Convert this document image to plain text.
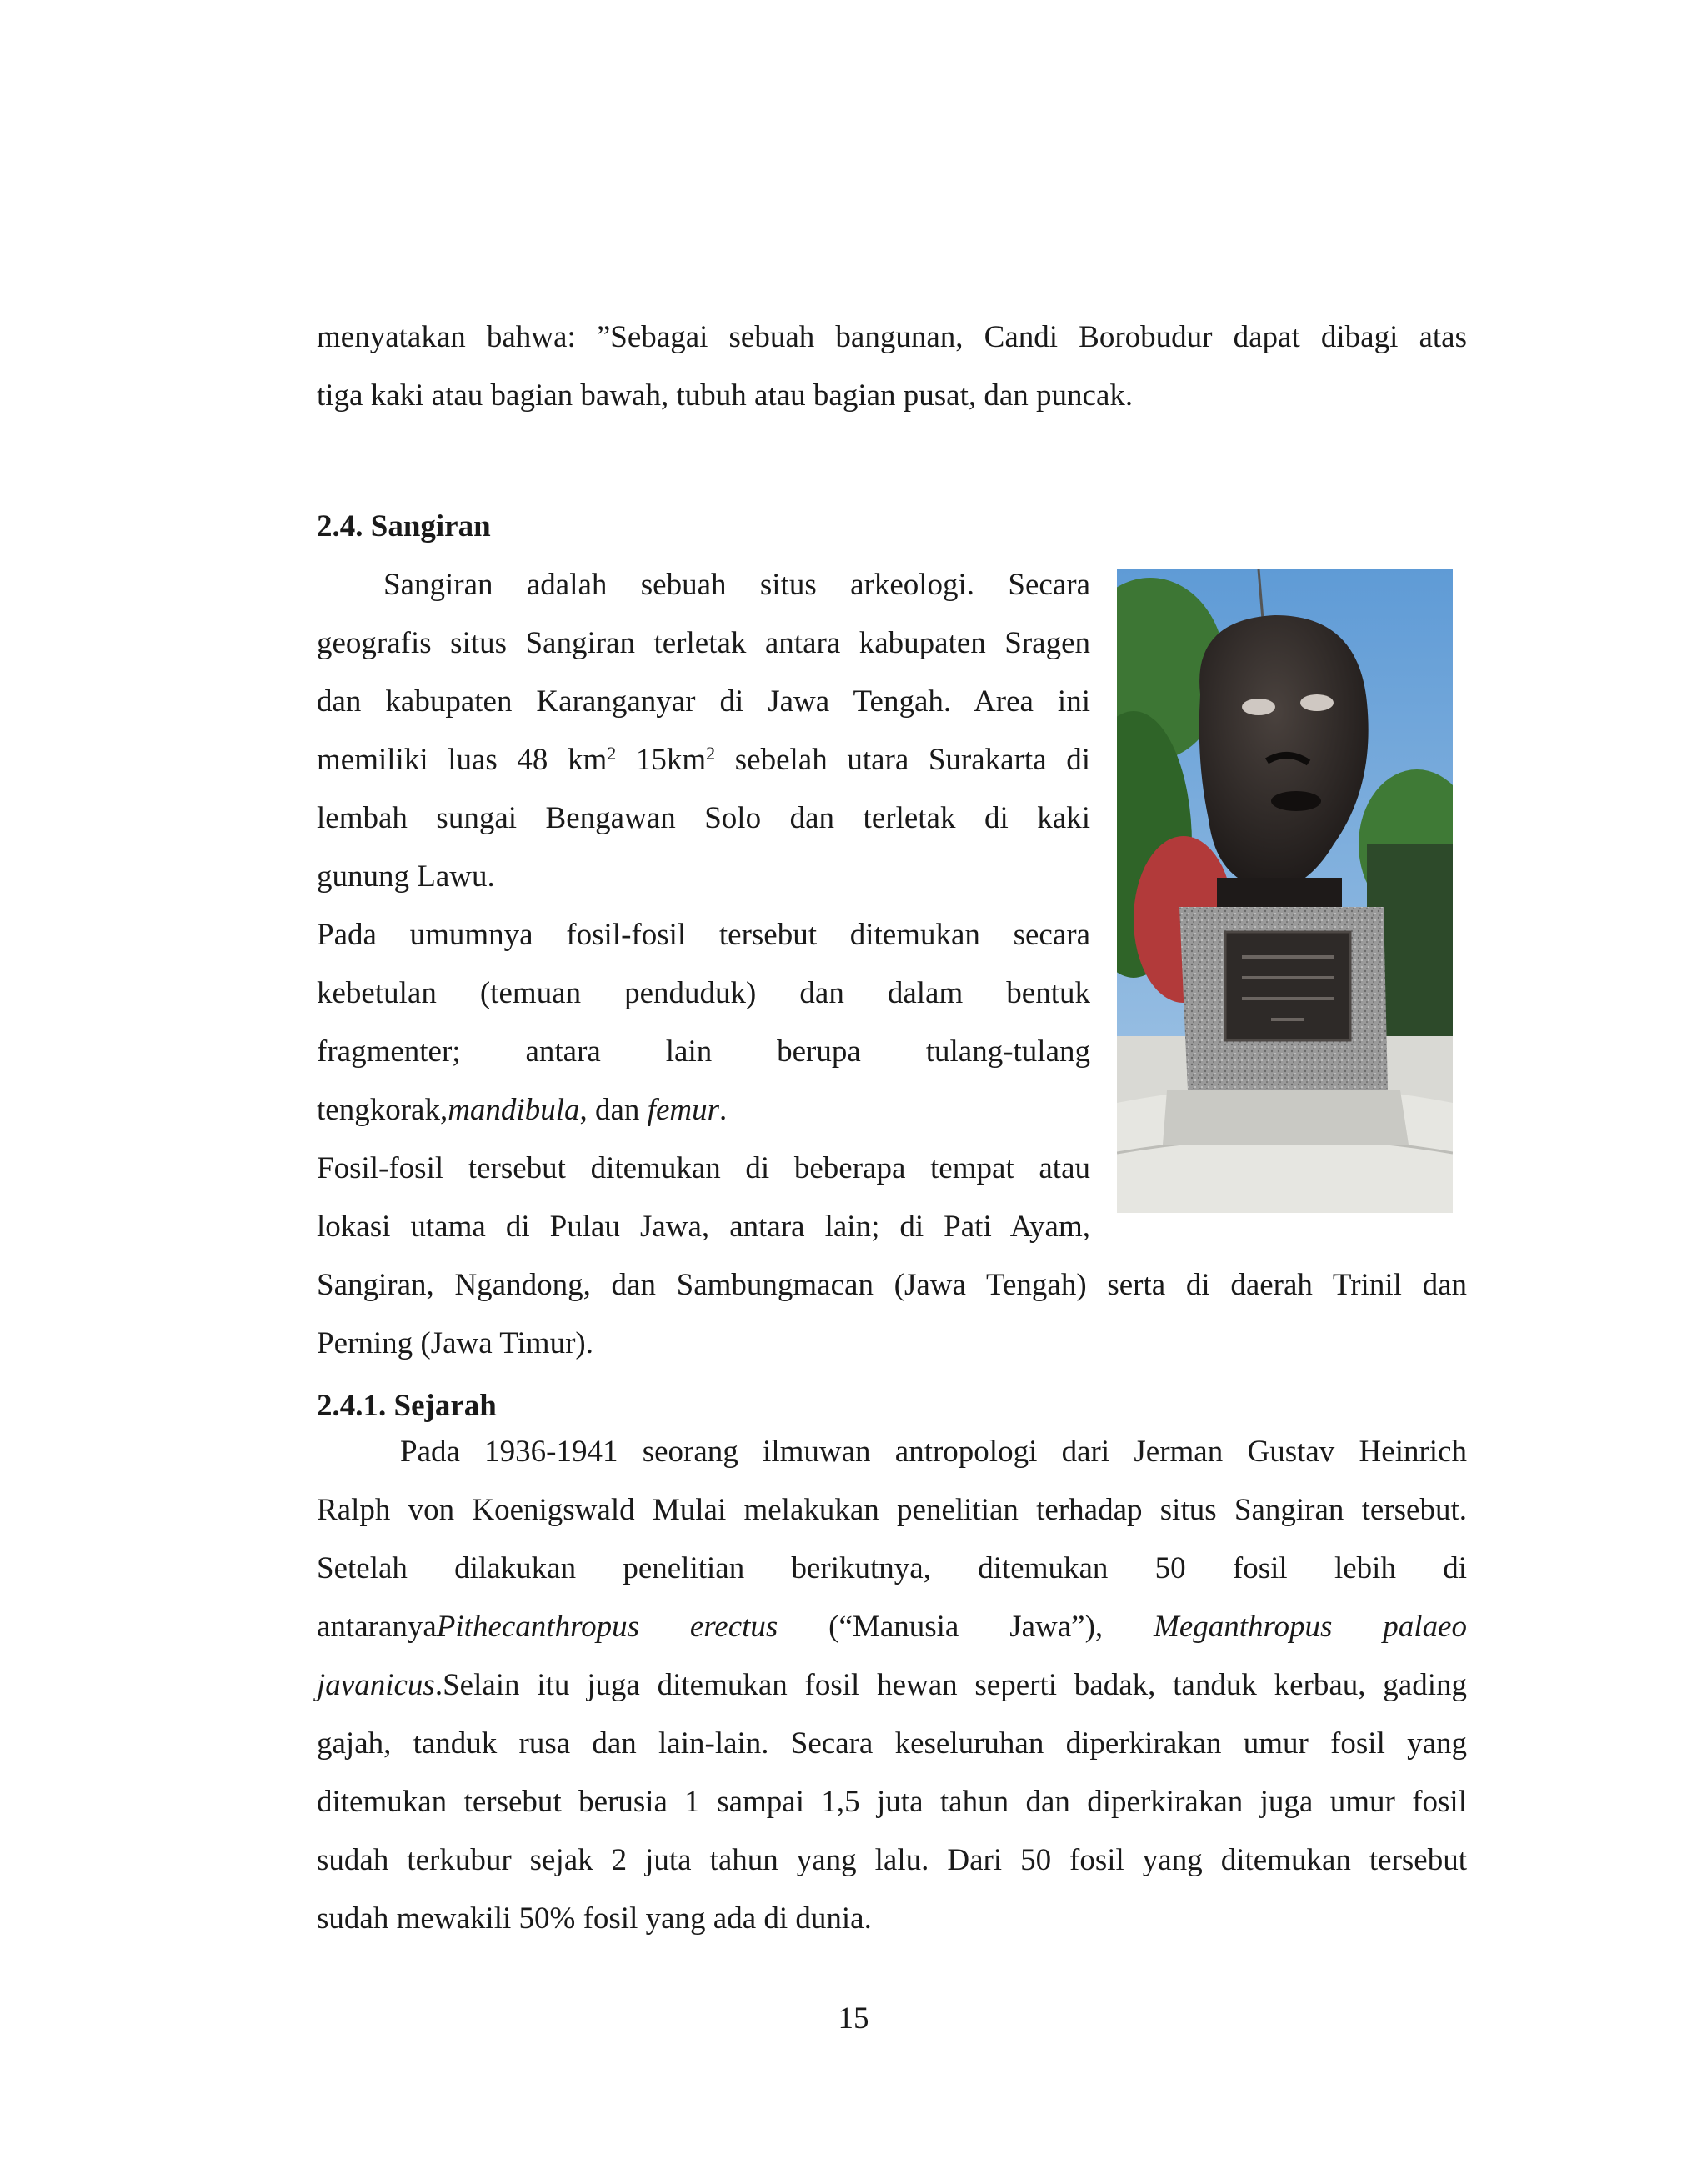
menyatakan bahwa: ”Sebagai sebuah bangunan, Candi Borobudur dapat dibagi atas
tiga kaki atau bagian bawah, tubuh atau bagian pusat, dan puncak.
2.4. Sangiran
Sangiran adalah sebuah situs arkeologi. Secara
geografis situs Sangiran terletak antara kabupaten Sragen
dan kabupaten Karanganyar di Jawa Tengah. Area ini
memiliki luas 48 $km^2$ $15km^2$ sebelah utara Surakarta di
lembah sungai Bengawan Solo dan terletak di kaki
gunung Lawu.
Pada umumnya fosil-fosil tersebut ditemukan secara
kebetulan (temuan penduduk) dan dalam bentuk
fragmenter; antara lain berupa tulang-tulang
tengkorak,mandibula, dan femur.
Fosil-fosil tersebut ditemukan di beberapa tempat atau
lokasi utama di Pulau Jawa, antara lain; di Pati Ayam,
Sangiran, Ngandong, dan Sambungmacan (Jawa Tengah) serta di daerah Trinil dan
Perning (Jawa Timur).
2.4.1. Sejarah
Pada 1936-1941 seorang ilmuwan antropologi dari Jerman Gustav Heinrich
Ralph von Koenigswald Mulai melakukan penelitian terhadap situs Sangiran tersebut.
Setelah dilakukan penelitian berikutnya, ditemukan 50 fosil lebih di
antaranyaPithecanthropus erectus (“Manusia Jawa”), Meganthropus palaeo
javanicus.Selain itu juga ditemukan fosil hewan seperti badak, tanduk kerbau, gading
gajah, tanduk rusa dan lain-lain. Secara keseluruhan diperkirakan umur fosil yang
ditemukan tersebut berusia 1 sampai 1,5 juta tahun dan diperkirakan juga umur fosil
sudah terkubur sejak 2 juta tahun yang lalu. Dari 50 fosil yang ditemukan tersebut
sudah mewakili 50% fosil yang ada di dunia.
15
